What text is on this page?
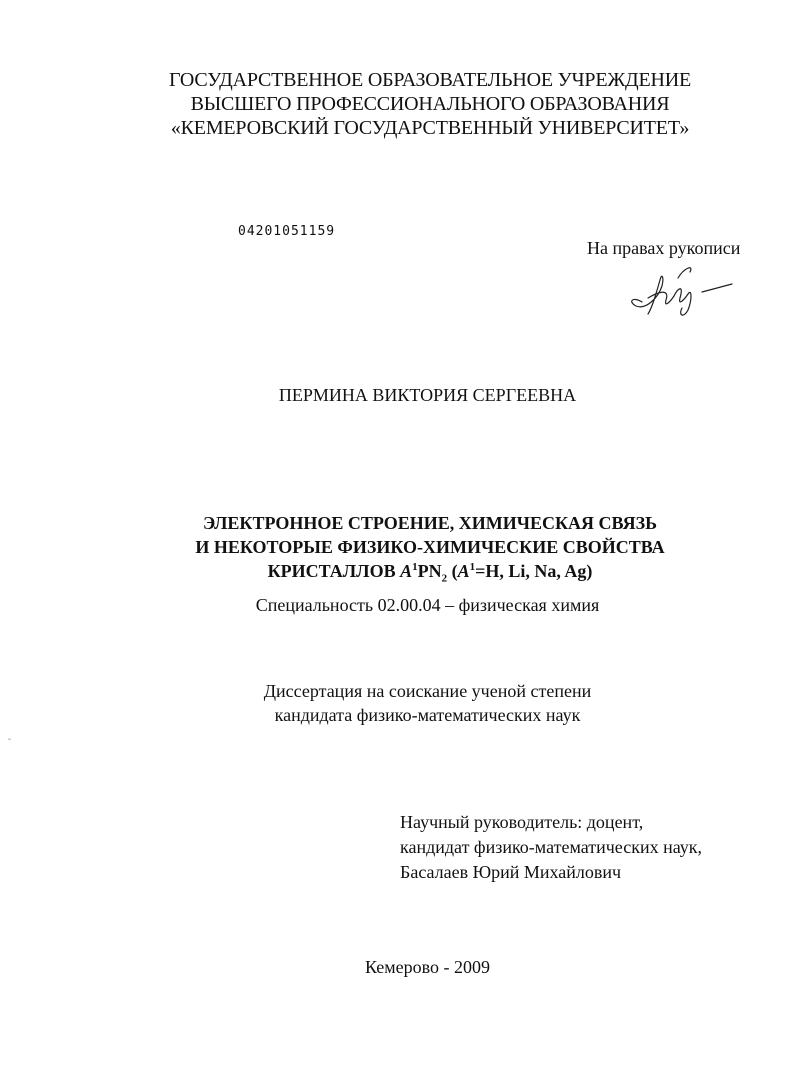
ГОСУДАРСТВЕННОЕ ОБРАЗОВАТЕЛЬНОЕ УЧРЕЖДЕНИЕ
ВЫСШЕГО ПРОФЕССИОНАЛЬНОГО ОБРАЗОВАНИЯ
«КЕМЕРОВСКИЙ ГОСУДАРСТВЕННЫЙ УНИВЕРСИТЕТ»
04201051159
На правах рукописи
ПЕРМИНА ВИКТОРИЯ СЕРГЕЕВНА
ЭЛЕКТРОННОЕ СТРОЕНИЕ, ХИМИЧЕСКАЯ СВЯЗЬ
И НЕКОТОРЫЕ ФИЗИКО-ХИМИЧЕСКИЕ СВОЙСТВА
КРИСТАЛЛОВ $A^1PN_2$ ($A^1=H$, Li, Na, Ag)
Специальность 02.00.04 – физическая химия
Диссертация на соискание ученой степени
кандидата физико-математических наук
Научный руководитель: доцент,
кандидат физико-математических наук,
Басалаев Юрий Михайлович
Кемерово - 2009
˘
